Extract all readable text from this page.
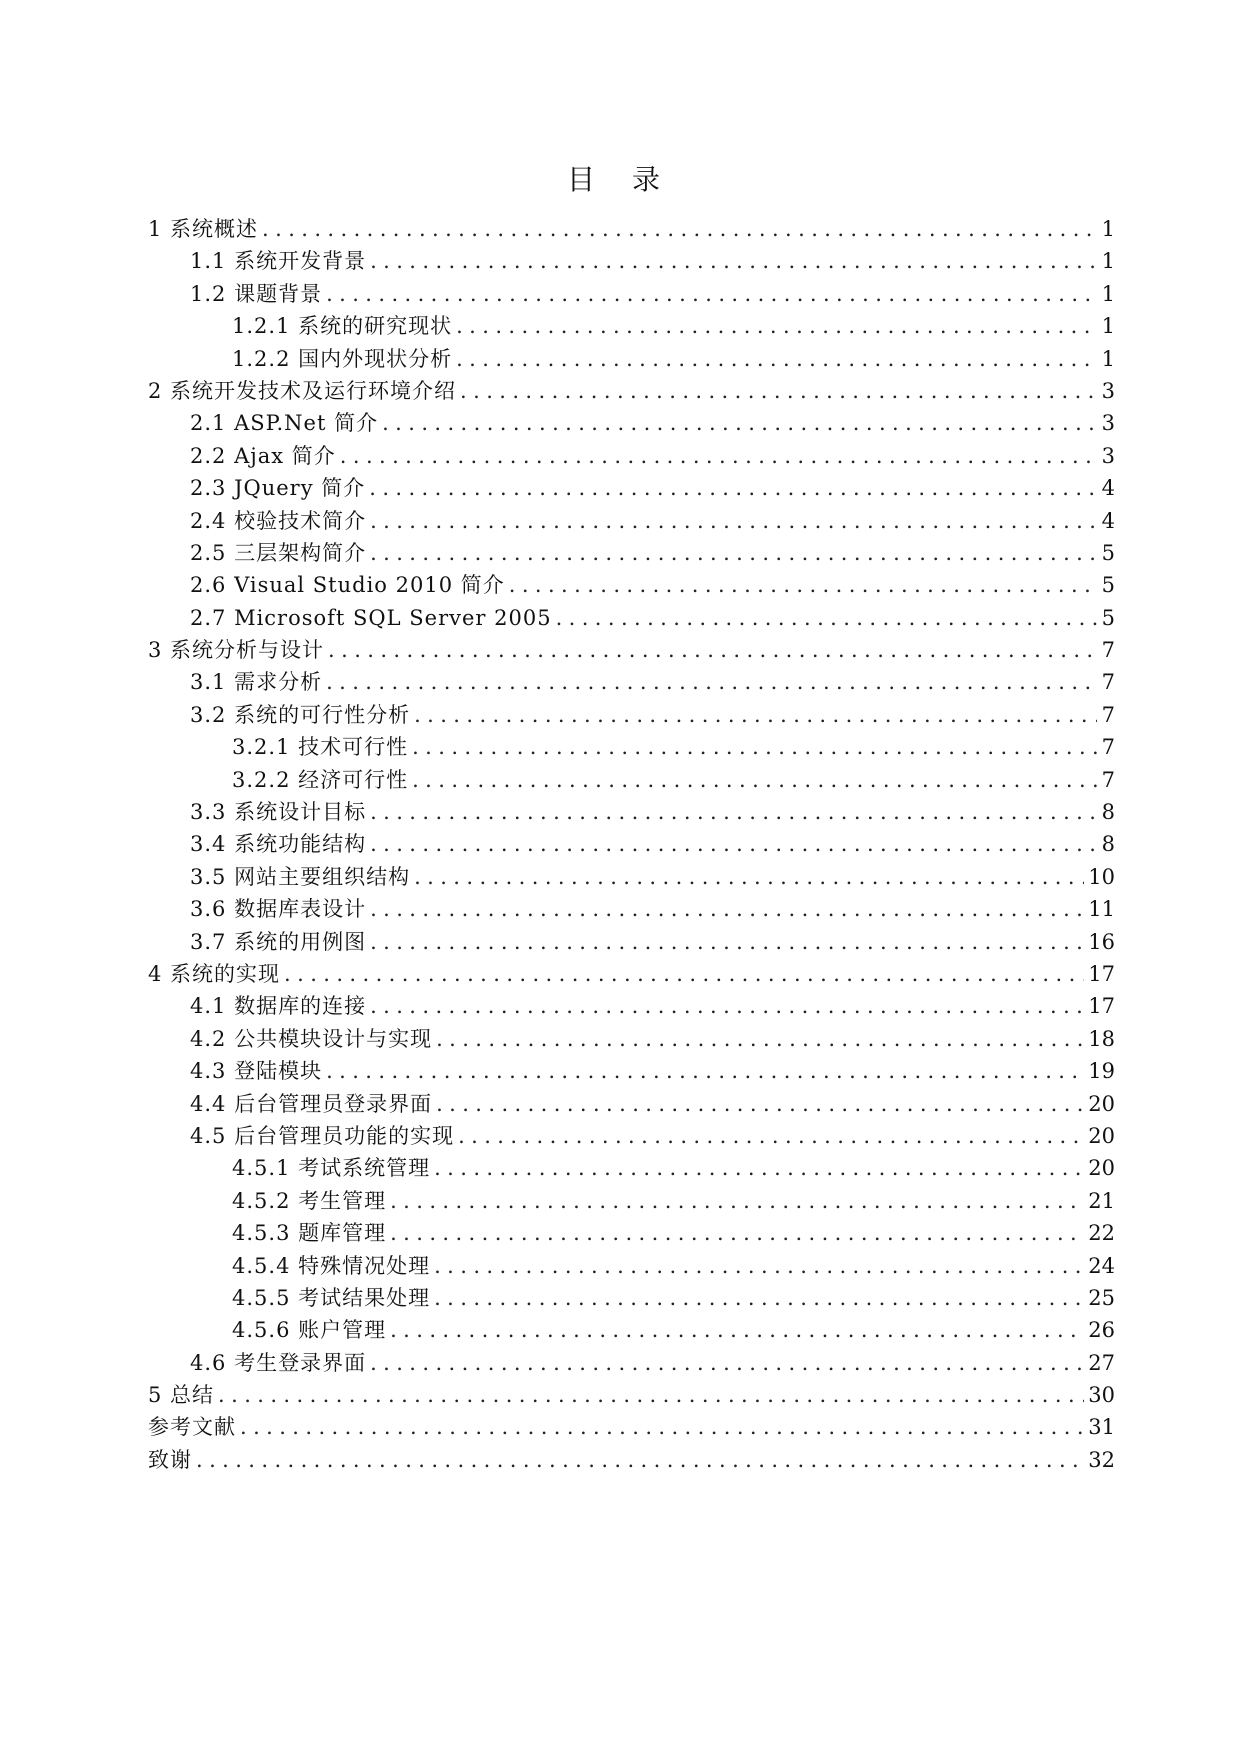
目 录
1 系统概述 .....	1
1.1 系统开发背景 .....	1
1.2 课题背景 .....	1
1.2.1 系统的研究现状 .....	1
1.2.2 国内外现状分析 .....	1
2 系统开发技术及运行环境介绍 .....	3
2.1 ASP.Net 简介 .....	3
2.2 Ajax 简介 .....	3
2.3 JQuery 简介 .....	4
2.4 校验技术简介 .....	4
2.5 三层架构简介 .....	5
2.6 Visual Studio 2010 简介 .....	5
2.7 Microsoft SQL Server 2005 .....	5
3 系统分析与设计 .....	7
3.1 需求分析 .....	7
3.2 系统的可行性分析 .....	7
3.2.1 技术可行性 .....	7
3.2.2 经济可行性 .....	7
3.3 系统设计目标 .....	8
3.4 系统功能结构 .....	8
3.5 网站主要组织结构 .....	10
3.6 数据库表设计 .....	11
3.7 系统的用例图 .....	16
4 系统的实现 .....	17
4.1 数据库的连接 .....	17
4.2 公共模块设计与实现 .....	18
4.3 登陆模块 .....	19
4.4 后台管理员登录界面 .....	20
4.5 后台管理员功能的实现 .....	20
4.5.1 考试系统管理 .....	20
4.5.2 考生管理 .....	21
4.5.3 题库管理 .....	22
4.5.4 特殊情况处理 .....	24
4.5.5 考试结果处理 .....	25
4.5.6 账户管理 .....	26
4.6 考生登录界面 .....	27
5 总结 .....	30
参考文献 .....	31
致谢 .....	32
